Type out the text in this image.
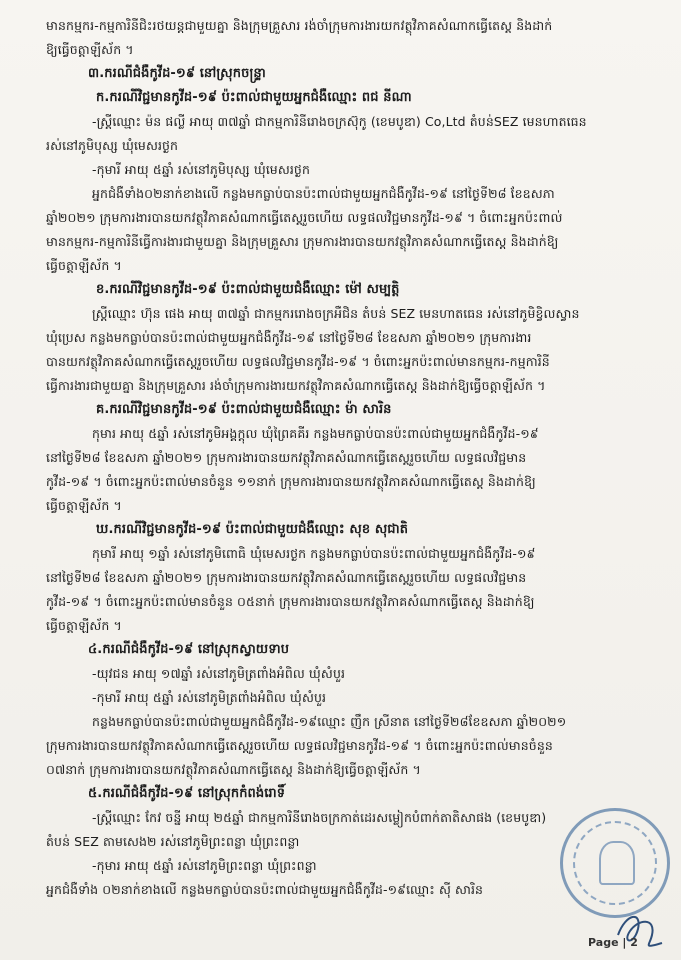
មានកម្មករ-កម្មការិនីជិះរថយន្តជាមួយគ្នា និងក្រុមគ្រួសារ រង់ចាំក្រុមការងារយកវត្ថុវិភាគសំណាកធ្វើតេស្ត និងដាក់
ឱ្យធ្វើចត្តាឡីស័ក ។
៣.ករណីជំងឺកូវីដ-១៩ នៅស្រុកចន្ទ្រា
ក.ករណីវិជ្ជមានកូវីដ-១៩ ប៉ះពាល់ជាមួយអ្នកជំងឺឈ្មោះ ពជ នីណា
-ស្ត្រីឈ្មោះ ម៉ន ផល្លី អាយុ ៣៧ឆ្នាំ ជាកម្មការិនីរោងចក្រស៊ុកូ (ខេមបូឌា) Co,Ltd តំបន់SEZ មេនហាតធេន
រស់នៅភូមិបុស្ស ឃុំមេសរថ្ងក
-កុមារី អាយុ ៥ឆ្នាំ រស់នៅភូមិបុស្ស ឃុំមេសរថ្ងក
អ្នកជំងឺទាំង០២នាក់ខាងលើ កន្លងមកធ្លាប់បានប៉ះពាល់ជាមួយអ្នកជំងឺកូវីដ-១៩ នៅថ្ងៃទី២៨ ខែឧសភា
ឆ្នាំ២០២១ ក្រុមការងារបានយកវត្ថុវិភាគសំណាកធ្វើតេស្តរួចហើយ លទ្ធផលវិជ្ជមានកូវីដ-១៩ ។ ចំពោះអ្នកប៉ះពាល់
មានកម្មករ-កម្មការិនីធ្វើការងារជាមួយគ្នា និងក្រុមគ្រួសារ ក្រុមការងារបានយកវត្ថុវិភាគសំណាកធ្វើតេស្ត និងដាក់ឱ្យ
ធ្វើចត្តាឡីស័ក ។
ខ.ករណីវិជ្ជមានកូវីដ-១៩ ប៉ះពាល់ជាមួយជំងឺឈ្មោះ ម៉ៅ សម្បត្តិ
ស្ត្រីឈ្មោះ ហ៊ុន ផេង អាយុ ៣៧ឆ្នាំ ជាកម្មកររោងចក្រអឺជិន តំបន់ SEZ មេនហាតធេន រស់នៅភូមិខ្វិលស្វាន
ឃុំប្រេស កន្លងមកធ្លាប់បានប៉ះពាល់ជាមួយអ្នកជំងឺកូវីដ-១៩ នៅថ្ងៃទី២៨ ខែឧសភា ឆ្នាំ២០២១ ក្រុមការងារ
បានយកវត្ថុវិភាគសំណាកធ្វើតេស្តរួចហើយ លទ្ធផលវិជ្ជមានកូវីដ-១៩ ។ ចំពោះអ្នកប៉ះពាល់មានកម្មករ-កម្មការិនី
ធ្វើការងារជាមួយគ្នា និងក្រុមគ្រួសារ រង់ចាំក្រុមការងារយកវត្ថុវិភាគសំណាកធ្វើតេស្ត និងដាក់ឱ្យធ្វើចត្តាឡីស័ក ។
គ.ករណីវិជ្ជមានកូវីដ-១៩ ប៉ះពាល់ជាមួយជំងឺឈ្មោះ ម៉ា សារិន
កុមារ អាយុ ៥ឆ្នាំ រស់នៅភូមិអង្គក្តុល ឃុំព្រៃគគីរ កន្លងមកធ្លាប់បានប៉ះពាល់ជាមួយអ្នកជំងឺកូវីដ-១៩
នៅថ្ងៃទី២៨ ខែឧសភា ឆ្នាំ២០២១ ក្រុមការងារបានយកវត្ថុវិភាគសំណាកធ្វើតេស្តរួចហើយ លទ្ធផលវិជ្ជមាន
កូវីដ-១៩ ។ ចំពោះអ្នកប៉ះពាល់មានចំនួន ១១នាក់ ក្រុមការងារបានយកវត្ថុវិភាគសំណាកធ្វើតេស្ត និងដាក់ឱ្យ
ធ្វើចត្តាឡីស័ក ។
ឃ.ករណីវិជ្ជមានកូវីដ-១៩ ប៉ះពាល់ជាមួយជំងឺឈ្មោះ សុខ សុជាតិ
កុមារី អាយុ ១ឆ្នាំ រស់នៅភូមិពោធិ ឃុំមេសរថ្ងក កន្លងមកធ្លាប់បានប៉ះពាល់ជាមួយអ្នកជំងឺកូវីដ-១៩
នៅថ្ងៃទី២៨ ខែឧសភា ឆ្នាំ២០២១ ក្រុមការងារបានយកវត្ថុវិភាគសំណាកធ្វើតេស្តរួចហើយ លទ្ធផលវិជ្ជមាន
កូវីដ-១៩ ។ ចំពោះអ្នកប៉ះពាល់មានចំនួន ០៥នាក់ ក្រុមការងារបានយកវត្ថុវិភាគសំណាកធ្វើតេស្ត និងដាក់ឱ្យ
ធ្វើចត្តាឡីស័ក ។
៤.ករណីជំងឺកូវីដ-១៩ នៅស្រុកស្វាយទាប
-យុវជន អាយុ ១៧ឆ្នាំ រស់នៅភូមិត្រពាំងអំពិល ឃុំសំបួរ
-កុមារី អាយុ ៥ឆ្នាំ រស់នៅភូមិត្រពាំងអំពិល ឃុំសំបួរ
កន្លងមកធ្លាប់បានប៉ះពាល់ជាមួយអ្នកជំងឺកូវីដ-១៩ឈ្មោះ ញឹក ស្រីនាត នៅថ្ងៃទី២៨ខែឧសភា ឆ្នាំ២០២១
ក្រុមការងារបានយកវត្ថុវិភាគសំណាកធ្វើតេស្តរួចហើយ លទ្ធផលវិជ្ជមានកូវីដ-១៩ ។ ចំពោះអ្នកប៉ះពាល់មានចំនួន
០៧នាក់ ក្រុមការងារបានយកវត្ថុវិភាគសំណាកធ្វើតេស្ត និងដាក់ឱ្យធ្វើចត្តាឡីស័ក ។
៥.ករណីជំងឺកូវីដ-១៩ នៅស្រុកកំពង់រោទិ៍
-ស្ត្រីឈ្មោះ កែវ ចន្នី អាយុ ២៥ឆ្នាំ ជាកម្មការិនីរោងចក្រកាត់ដេរសម្លៀកបំពាក់តាតិសាផង (ខេមបូឌា)
តំបន់ SEZ តាមសេង២ រស់នៅភូមិព្រះពន្លា ឃុំព្រះពន្លា
-កុមារ អាយុ ៥ឆ្នាំ រស់នៅភូមិព្រះពន្លា ឃុំព្រះពន្លា
អ្នកជំងឺទាំង ០២នាក់ខាងលើ កន្លងមកធ្លាប់បានប៉ះពាល់ជាមួយអ្នកជំងឺកូវីដ-១៩ឈ្មោះ ស៊ី សារិន
Page | 2
